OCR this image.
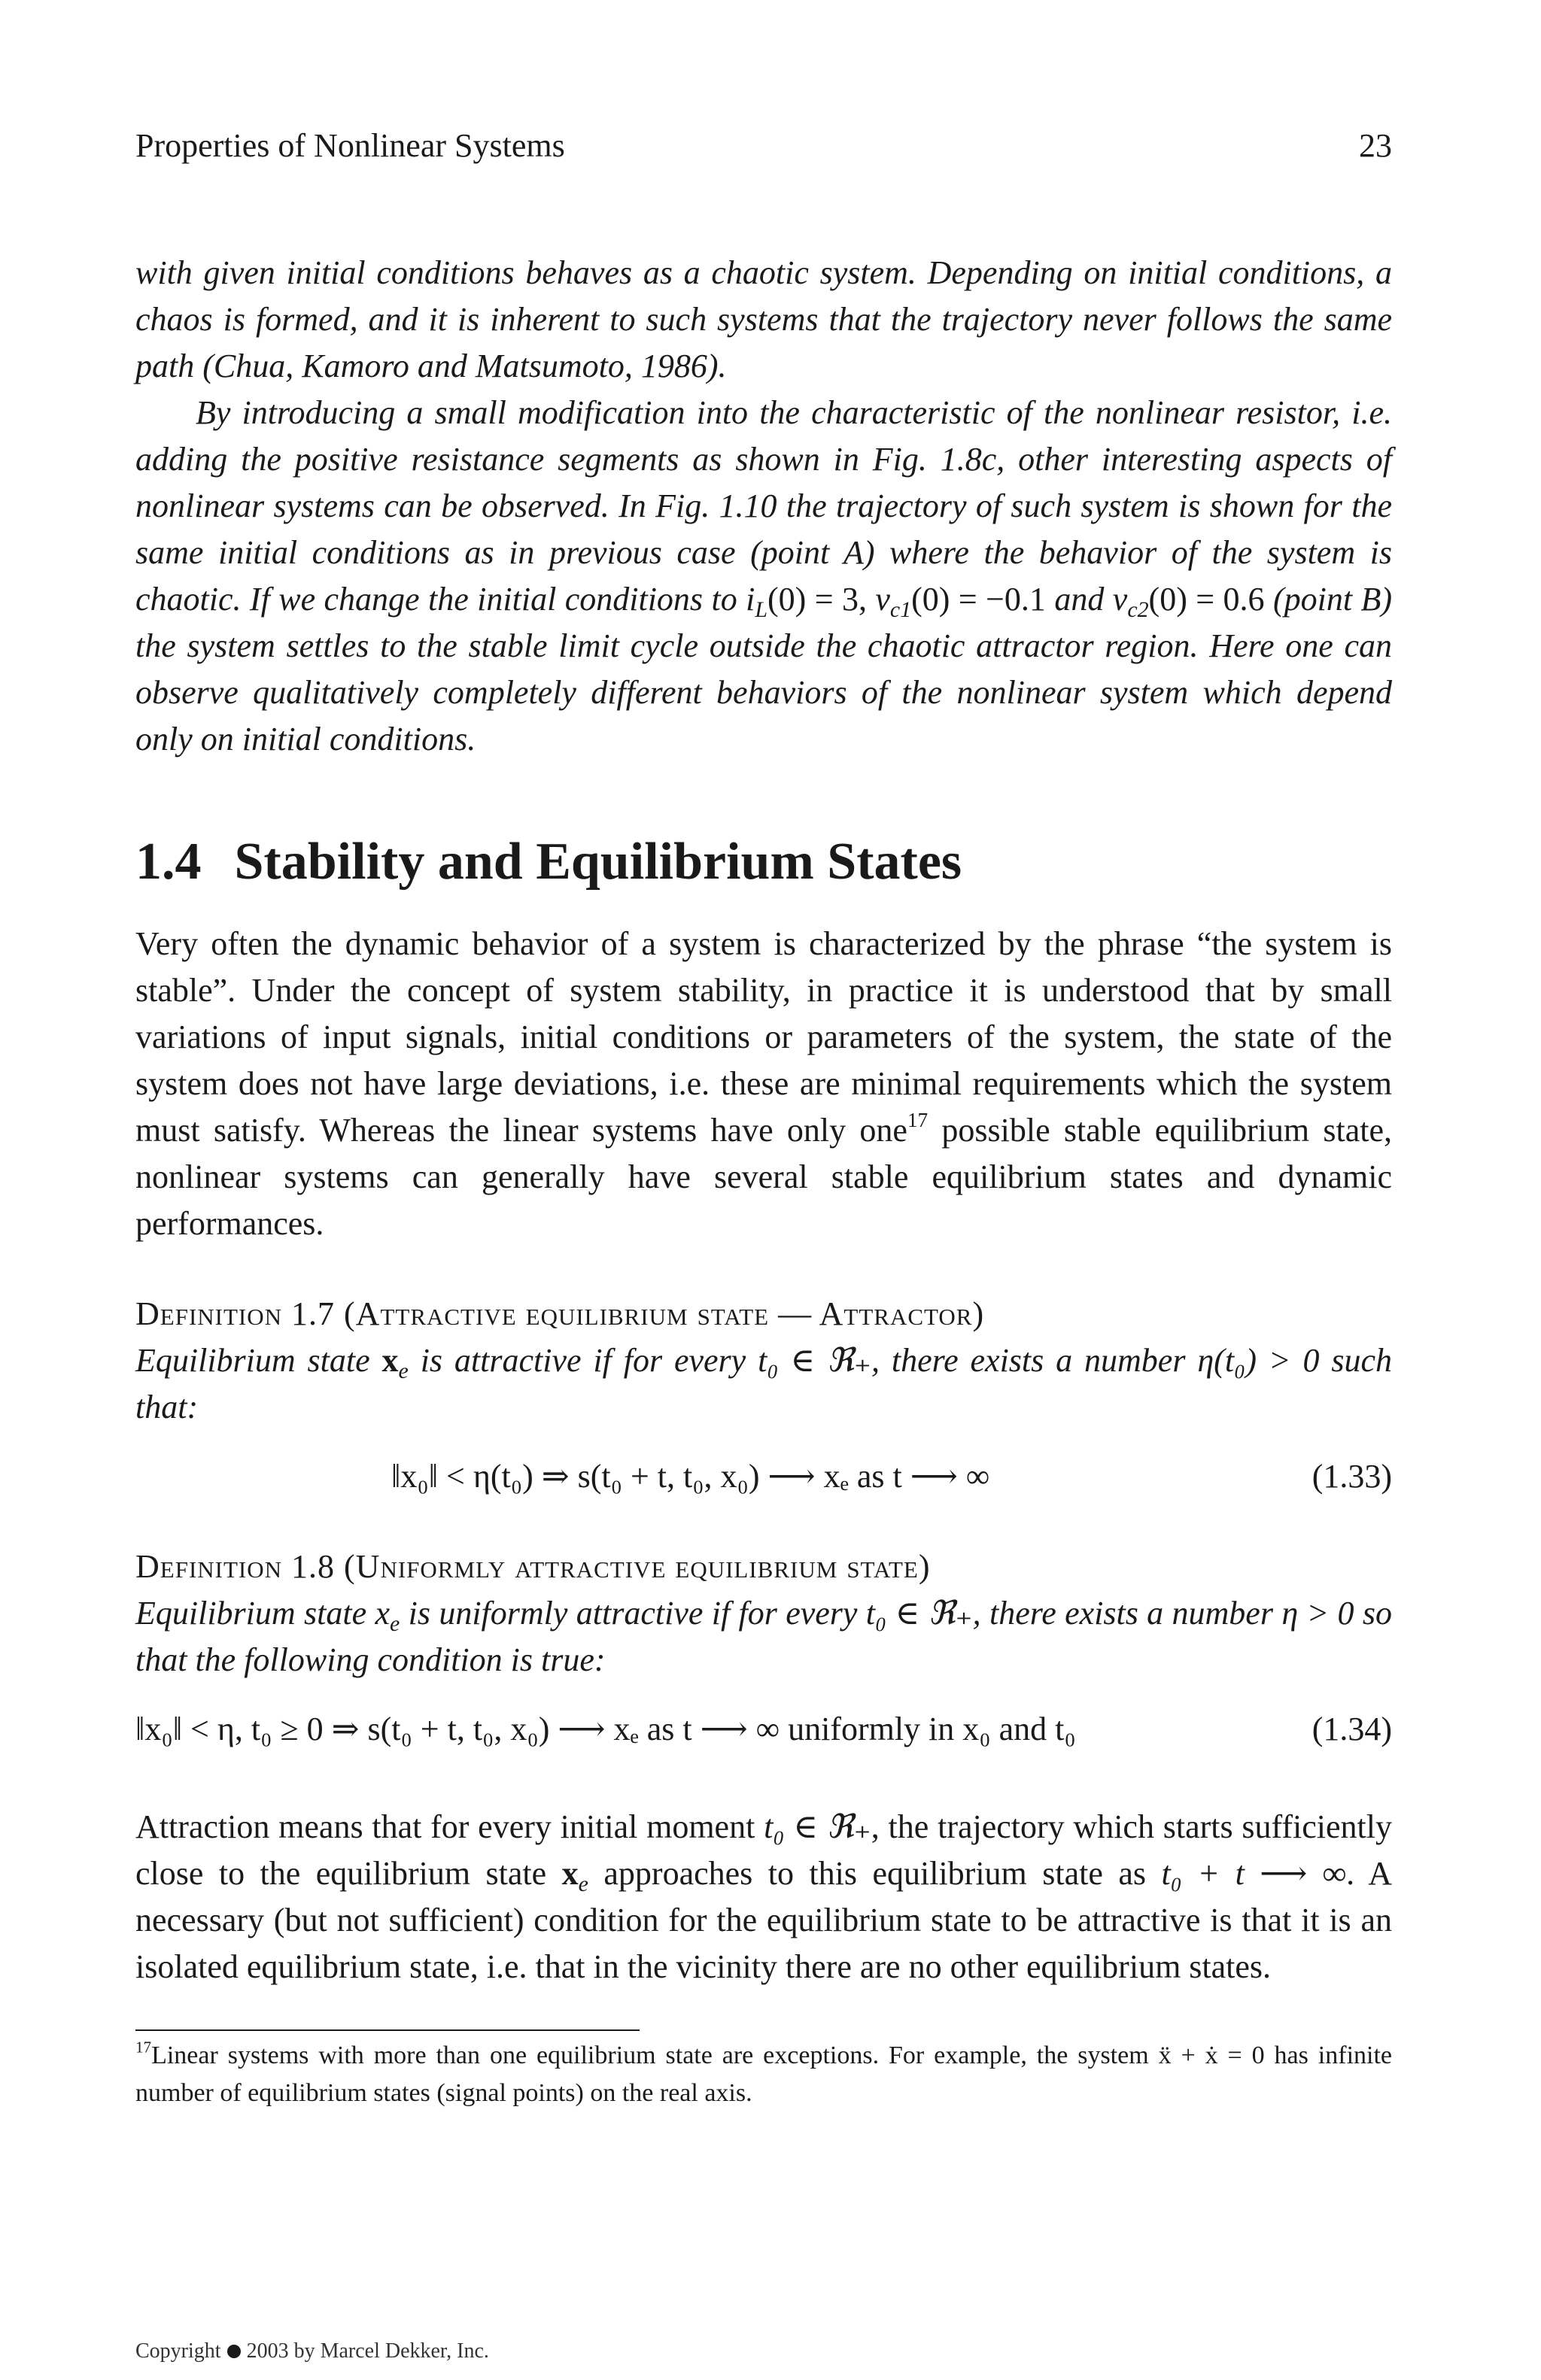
Properties of Nonlinear Systems	23

with given initial conditions behaves as a chaotic system. Depending on initial conditions, a chaos is formed, and it is inherent to such systems that the trajectory never follows the same path (Chua, Kamoro and Matsumoto, 1986).

By introducing a small modification into the characteristic of the nonlinear resistor, i.e. adding the positive resistance segments as shown in Fig. 1.8c, other interesting aspects of nonlinear systems can be observed. In Fig. 1.10 the trajectory of such system is shown for the same initial conditions as in previous case (point A) where the behavior of the system is chaotic. If we change the initial conditions to $i_L(0) = 3$, $v_{c1}(0) = -0.1$ and $v_{c2}(0) = 0.6$ (point B) the system settles to the stable limit cycle outside the chaotic attractor region. Here one can observe qualitatively completely different behaviors of the nonlinear system which depend only on initial conditions.

1.4 Stability and Equilibrium States

Very often the dynamic behavior of a system is characterized by the phrase “the system is stable”. Under the concept of system stability, in practice it is understood that by small variations of input signals, initial conditions or parameters of the system, the state of the system does not have large deviations, i.e. these are minimal requirements which the system must satisfy. Whereas the linear systems have only one$^{17}$ possible stable equilibrium state, nonlinear systems can generally have several stable equilibrium states and dynamic performances.

Definition 1.7 (Attractive equilibrium state — Attractor)

Equilibrium state $x_e$ is attractive if for every t₀ ∈ ℜ₊, there exists a number η(t₀) > 0 such that:

‖x₀‖ < η(t₀) ⇒ s(t₀ + t, t₀, x₀) ⟶ xₑ as t ⟶ ∞	(1.33)

Definition 1.8 (Uniformly attractive equilibrium state)

Equilibrium state $x_e$ is uniformly attractive if for every t₀ ∈ ℜ₊, there exists a number η > 0 so that the following condition is true:

‖x₀‖ < η, t₀ ≥ 0 ⇒ s(t₀ + t, t₀, x₀) ⟶ xₑ as t ⟶ ∞ uniformly in x₀ and t₀	(1.34)

Attraction means that for every initial moment t₀ ∈ ℜ₊, the trajectory which starts sufficiently close to the equilibrium state $x_e$ approaches to this equilibrium state as t₀ + t ⟶ ∞. A necessary (but not sufficient) condition for the equilibrium state to be attractive is that it is an isolated equilibrium state, i.e. that in the vicinity there are no other equilibrium states.

$^{17}$Linear systems with more than one equilibrium state are exceptions. For example, the system ẍ + ẋ = 0 has infinite number of equilibrium states (signal points) on the real axis.

Copyright 2003 by Marcel Dekker, Inc.
